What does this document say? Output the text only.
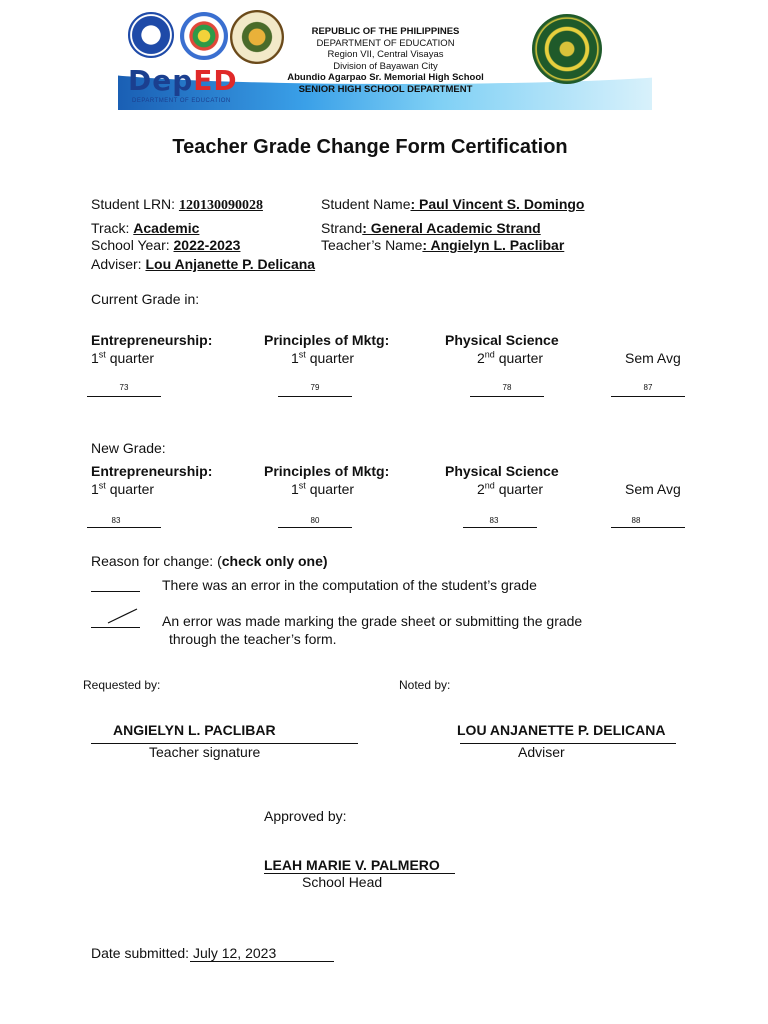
REPUBLIC OF THE PHILIPPINES
DEPARTMENT OF EDUCATION
Region VII, Central Visayas
Division of Bayawan City
Abundio Agarpao Sr. Memorial High School
SENIOR HIGH SCHOOL DEPARTMENT
DepED
DEPARTMENT OF EDUCATION
Teacher Grade Change Form Certification
Student LRN: 120130090028	Student Name: Paul Vincent S. Domingo
Track: Academic	Strand: General Academic Strand
School Year: 2022-2023	Teacher’s Name: Angielyn L. Paclibar
Adviser: Lou Anjanette P. Delicana
Current Grade in:
Entrepreneurship:	Principles of Mktg:	Physical Science
1st quarter	1st quarter	2nd quarter	Sem Avg
73	79	78	87
New Grade:
Entrepreneurship:	Principles of Mktg:	Physical Science
1st quarter	1st quarter	2nd quarter	Sem Avg
83	80	83	88
Reason for change: (check only one)
There was an error in the computation of the student’s grade
An error was made marking the grade sheet or submitting the grade
through the teacher’s form.
Requested by:	Noted by:
ANGIELYN L. PACLIBAR
Teacher signature
LOU ANJANETTE P. DELICANA
Adviser
Approved by:
LEAH MARIE V. PALMERO
School Head
Date submitted: July 12, 2023
